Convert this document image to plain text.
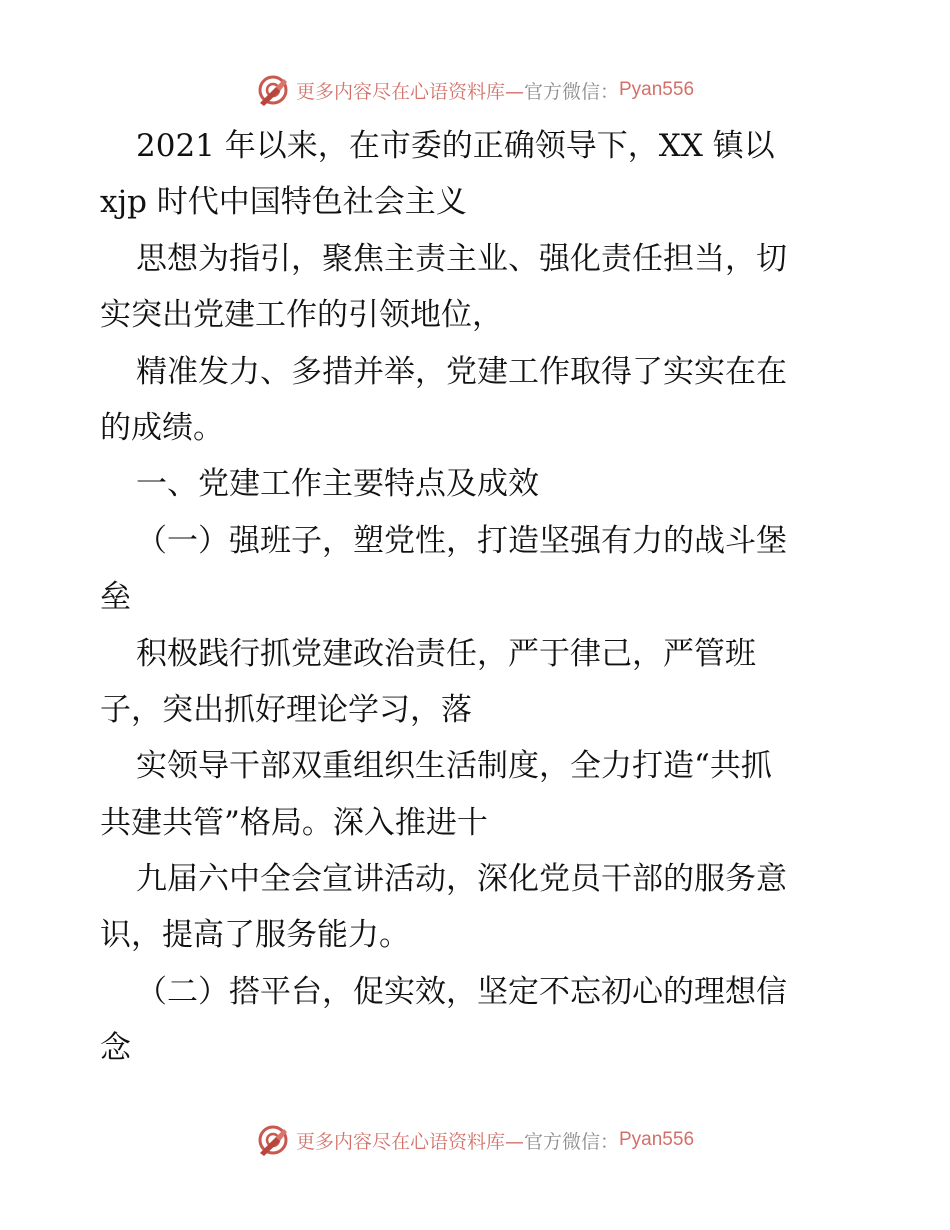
更多内容尽在心语资料库— 官方微信： Pyan556
2021 年以来，在市委的正确领导下，XX 镇以
xjp 时代中国特色社会主义
思想为指引，聚焦主责主业、强化责任担当，切
实突出党建工作的引领地位，
精准发力、多措并举，党建工作取得了实实在在
的成绩。
一、党建工作主要特点及成效
（一）强班子，塑党性，打造坚强有力的战斗堡
垒
积极践行抓党建政治责任，严于律己，严管班
子，突出抓好理论学习，落
实领导干部双重组织生活制度，全力打造“共抓
共建共管”格局。深入推进十
九届六中全会宣讲活动，深化党员干部的服务意
识，提高了服务能力。
（二）搭平台，促实效，坚定不忘初心的理想信
念
更多内容尽在心语资料库— 官方微信： Pyan556
